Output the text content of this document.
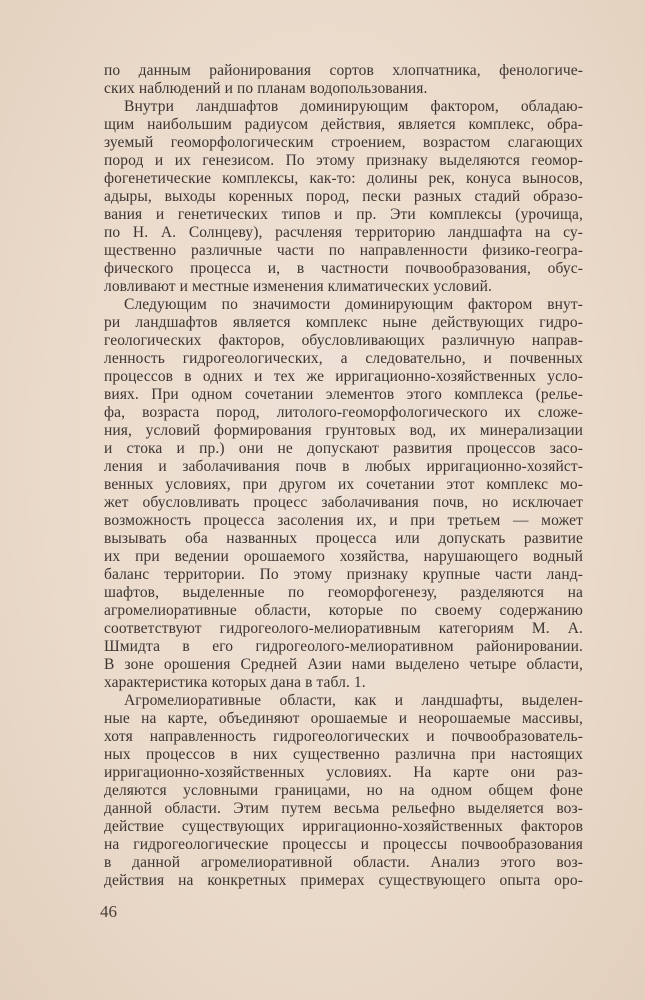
по данным районирования сортов хлопчатника, фенологиче-
ских наблюдений и по планам водопользования.
Внутри ландшафтов доминирующим фактором, обладаю-
щим наибольшим радиусом действия, является комплекс, обра-
зуемый геоморфологическим строением, возрастом слагающих
пород и их генезисом. По этому признаку выделяются геомор-
фогенетические комплексы, как-то: долины рек, конуса выносов,
адыры, выходы коренных пород, пески разных стадий образо-
вания и генетических типов и пр. Эти комплексы (урочища,
по Н. А. Солнцеву), расчленяя территорию ландшафта на су-
щественно различные части по направленности физико-геогра-
фического процесса и, в частности почвообразования, обус-
ловливают и местные изменения климатических условий.
Следующим по значимости доминирующим фактором внут-
ри ландшафтов является комплекс ныне действующих гидро-
геологических факторов, обусловливающих различную направ-
ленность гидрогеологических, а следовательно, и почвенных
процессов в одних и тех же ирригационно-хозяйственных усло-
виях. При одном сочетании элементов этого комплекса (релье-
фа, возраста пород, литолого-геоморфологического их сложе-
ния, условий формирования грунтовых вод, их минерализации
и стока и пр.) они не допускают развития процессов засо-
ления и заболачивания почв в любых ирригационно-хозяйст-
венных условиях, при другом их сочетании этот комплекс мо-
жет обусловливать процесс заболачивания почв, но исключает
возможность процесса засоления их, и при третьем — может
вызывать оба названных процесса или допускать развитие
их при ведении орошаемого хозяйства, нарушающего водный
баланс территории. По этому признаку крупные части ланд-
шафтов, выделенные по геоморфогенезу, разделяются на
агромелиоративные области, которые по своему содержанию
соответствуют гидрогеолого-мелиоративным категориям М. А.
Шмидта в его гидрогеолого-мелиоративном районировании.
В зоне орошения Средней Азии нами выделено четыре области,
характеристика которых дана в табл. 1.
Агромелиоративные области, как и ландшафты, выделен-
ные на карте, объединяют орошаемые и неорошаемые массивы,
хотя направленность гидрогеологических и почвообразователь-
ных процессов в них существенно различна при настоящих
ирригационно-хозяйственных условиях. На карте они раз-
деляются условными границами, но на одном общем фоне
данной области. Этим путем весьма рельефно выделяется воз-
действие существующих ирригационно-хозяйственных факторов
на гидрогеологические процессы и процессы почвообразования
в данной агромелиоративной области. Анализ этого воз-
действия на конкретных примерах существующего опыта оро-
46
